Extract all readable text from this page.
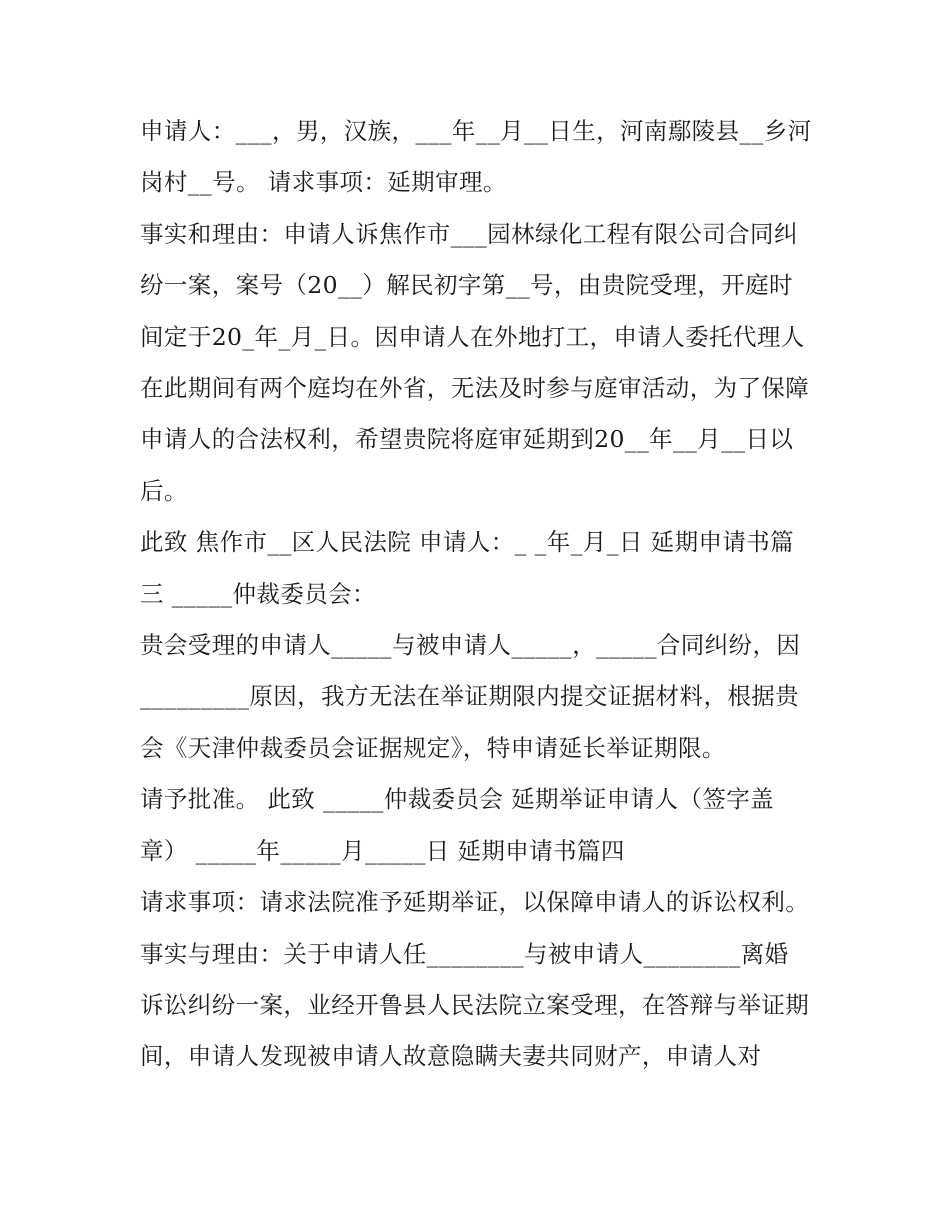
申请人：___，男，汉族，___年__月__日生，河南鄢陵县__乡河岗村__号。 请求事项：延期审理。

事实和理由：申请人诉焦作市___园林绿化工程有限公司合同纠纷一案，案号（20__）解民初字第__号，由贵院受理，开庭时间定于20_年_月_日。因申请人在外地打工，申请人委托代理人在此期间有两个庭均在外省，无法及时参与庭审活动，为了保障申请人的合法权利，希望贵院将庭审延期到20__年__月__日以后。

此致 焦作市__区人民法院 申请人：_ _年_月_日 延期申请书篇三 _____仲裁委员会：

贵会受理的申请人_____与被申请人_____，_____合同纠纷，因_________原因，我方无法在举证期限内提交证据材料，根据贵会《天津仲裁委员会证据规定》，特申请延长举证期限。

请予批准。 此致 _____仲裁委员会 延期举证申请人（签字盖章） _____年_____月_____日 延期申请书篇四

请求事项：请求法院准予延期举证，以保障申请人的诉讼权利。

事实与理由：关于申请人任________与被申请人________离婚诉讼纠纷一案，业经开鲁县人民法院立案受理，在答辩与举证期间，申请人发现被申请人故意隐瞒夫妻共同财产，申请人对
